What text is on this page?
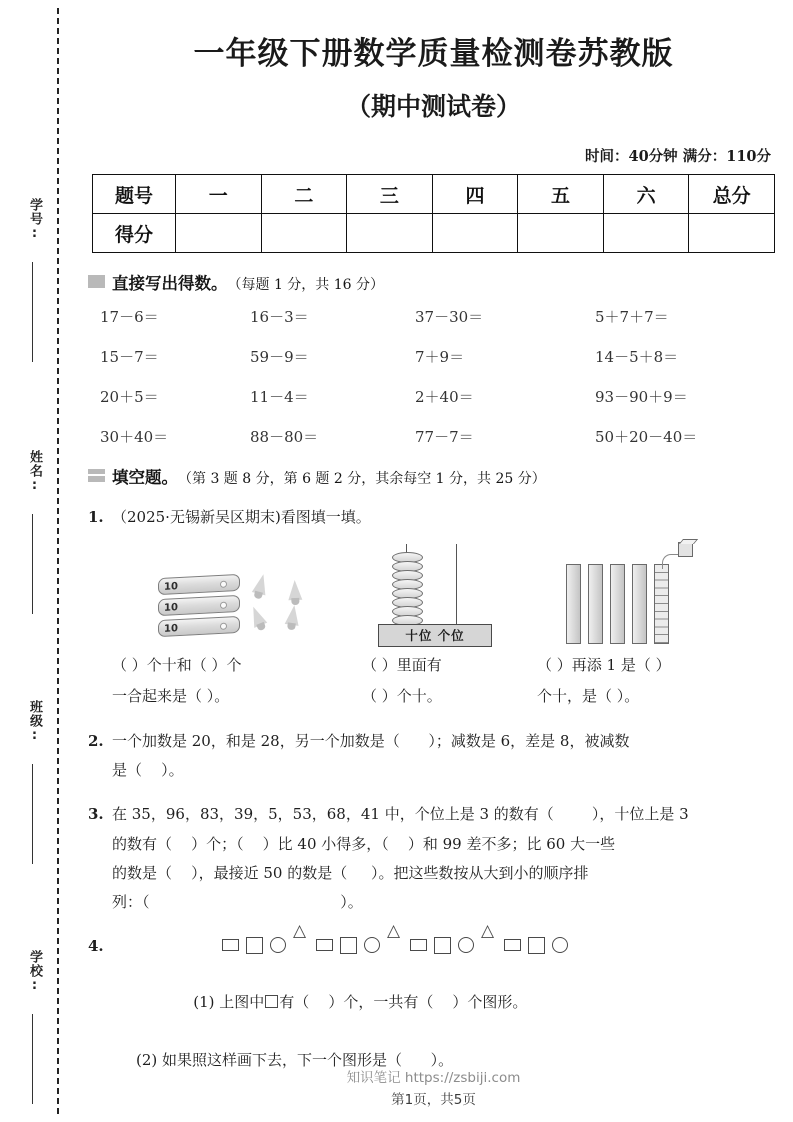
学号:
姓名:
班级:
学校:
一年级下册数学质量检测卷苏教版
（期中测试卷）

时间：40分钟 满分：110分

题号	一	二	三	四	五	六	总分
得分							
直接写出得数。 （每题 1 分，共 16 分）
17－6＝	16－3＝	37－30＝	5＋7＋7＝
15－7＝	59－9＝	7＋9＝	14－5＋8＝
20＋5＝	11－4＝	2＋40＝	93－90＋9＝
30＋40＝	88－80＝	77－7＝	50＋20－40＝
填空题。 （第 3 题 8 分，第 6 题 2 分，其余每空 1 分，共 25 分）
1. （2025·无锡新吴区期末)看图填一填。
10
10
10	十位 个位
（ ）个十和（ ）个	（ ）里面有	（ ）再添 1 是（ ）
一合起来是（ ）。	（ ）个十。	个十，是（ ）。
2. 一个加数是 20，和是 28，另一个加数是（      ）；减数是 6，差是 8，被减数
是（    ）。
3. 在 35，96，83，39，5，53，68，41 中，个位上是 3 的数有（        ），十位上是 3
的数有（    ）个；（    ）比 40 小得多，（    ）和 99 差不多；比 60 大一些
的数是（    ），最接近 50 的数是（     ）。把这些数按从大到小的顺序排
列：（                                        ）。
4.
△
△
△

(1) 上图中 有（    ）个，一共有（    ）个图形。

(2) 如果照这样画下去，下一个图形是（      ）。
知识笔记 https://zsbiji.com
第1页，共5页
